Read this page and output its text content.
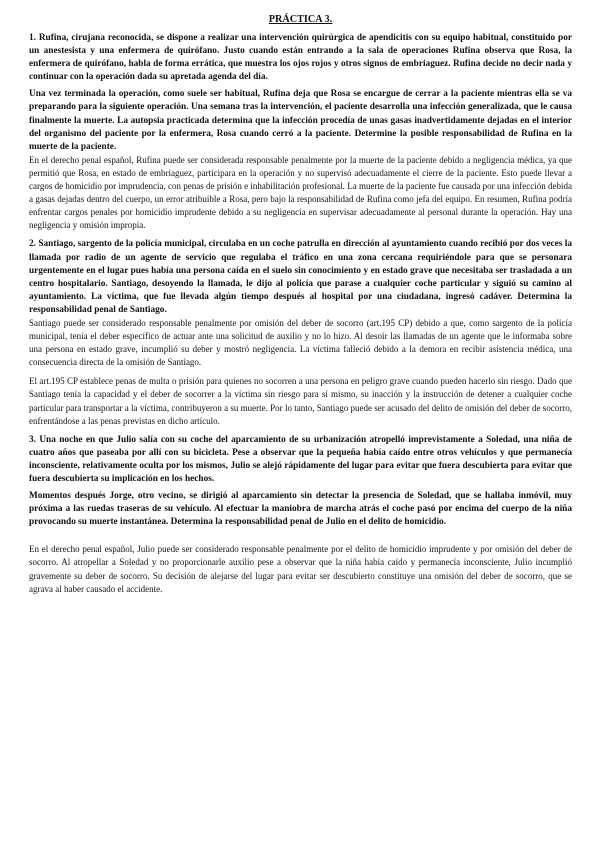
PRÁCTICA 3.

1. Rufina, cirujana reconocida, se dispone a realizar una intervención quirúrgica de apendicitis con su equipo habitual, constituido por un anestesista y una enfermera de quirófano. Justo cuando están entrando a la sala de operaciones Rufina observa que Rosa, la enfermera de quirófano, habla de forma errática, que muestra los ojos rojos y otros signos de embriaguez. Rufina decide no decir nada y continuar con la operación dada su apretada agenda del día.

Una vez terminada la operación, como suele ser habitual, Rufina deja que Rosa se encargue de cerrar a la paciente mientras ella se va preparando para la siguiente operación. Una semana tras la intervención, el paciente desarrolla una infección generalizada, que le causa finalmente la muerte. La autopsia practicada determina que la infección procedía de unas gasas inadvertidamente dejadas en el interior del organismo del paciente por la enfermera, Rosa cuando cerró a la paciente. Determine la posible responsabilidad de Rufina en la muerte de la paciente.

En el derecho penal español, Rufina puede ser considerada responsable penalmente por la muerte de la paciente debido a negligencia médica, ya que permitió que Rosa, en estado de embriaguez, participara en la operación y no supervisó adecuadamente el cierre de la paciente. Esto puede llevar a cargos de homicidio por imprudencia, con penas de prisión e inhabilitación profesional. La muerte de la paciente fue causada por una infección debida a gasas dejadas dentro del cuerpo, un error atribuible a Rosa, pero bajo la responsabilidad de Rufina como jefa del equipo. En resumen, Rufina podría enfrentar cargos penales por homicidio imprudente debido a su negligencia en supervisar adecuadamente al personal durante la operación. Hay una negligencia y omisión impropia.

2. Santiago, sargento de la policía municipal, circulaba en un coche patrulla en dirección al ayuntamiento cuando recibió por dos veces la llamada por radio de un agente de servicio que regulaba el tráfico en una zona cercana requiriéndole para que se personara urgentemente en el lugar pues había una persona caída en el suelo sin conocimiento y en estado grave que necesitaba ser trasladada a un centro hospitalario. Santiago, desoyendo la llamada, le dijo al policía que parase a cualquier coche particular y siguió su camino al ayuntamiento. La víctima, que fue llevada algún tiempo después al hospital por una ciudadana, ingresó cadáver. Determina la responsabilidad penal de Santiago.

Santiago puede ser considerado responsable penalmente por omisión del deber de socorro (art.195 CP) debido a que, como sargento de la policía municipal, tenía el deber específico de actuar ante una solicitud de auxilio y no lo hizo. Al desoír las llamadas de un agente que le informaba sobre una persona en estado grave, incumplió su deber y mostró negligencia. La víctima falleció debido a la demora en recibir asistencia médica, una consecuencia directa de la omisión de Santiago.

El art.195 CP establece penas de multa o prisión para quienes no socorren a una persona en peligro grave cuando pueden hacerlo sin riesgo. Dado que Santiago tenía la capacidad y el deber de socorrer a la víctima sin riesgo para sí mismo, su inacción y la instrucción de detener a cualquier coche particular para transportar a la víctima, contribuyeron a su muerte. Por lo tanto, Santiago puede ser acusado del delito de omisión del deber de socorro, enfrentándose a las penas previstas en dicho artículo.

3. Una noche en que Julio salía con su coche del aparcamiento de su urbanización atropelló imprevistamente a Soledad, una niña de cuatro años que paseaba por allí con su bicicleta. Pese a observar que la pequeña había caído entre otros vehículos y que permanecía inconsciente, relativamente oculta por los mismos, Julio se alejó rápidamente del lugar para evitar que fuera descubierta para evitar que fuera descubierta su implicación en los hechos.

Momentos después Jorge, otro vecino, se dirigió al aparcamiento sin detectar la presencia de Soledad, que se hallaba inmóvil, muy próxima a las ruedas traseras de su vehículo. Al efectuar la maniobra de marcha atrás el coche pasó por encima del cuerpo de la niña provocando su muerte instantánea. Determina la responsabilidad penal de Julio en el delito de homicidio.

En el derecho penal español, Julio puede ser considerado responsable penalmente por el delito de homicidio imprudente y por omisión del deber de socorro. Al atropellar a Soledad y no proporcionarle auxilio pese a observar que la niña había caído y permanecía inconsciente, Julio incumplió gravemente su deber de socorro. Su decisión de alejarse del lugar para evitar ser descubierto constituye una omisión del deber de socorro, que se agrava al haber causado el accidente.
